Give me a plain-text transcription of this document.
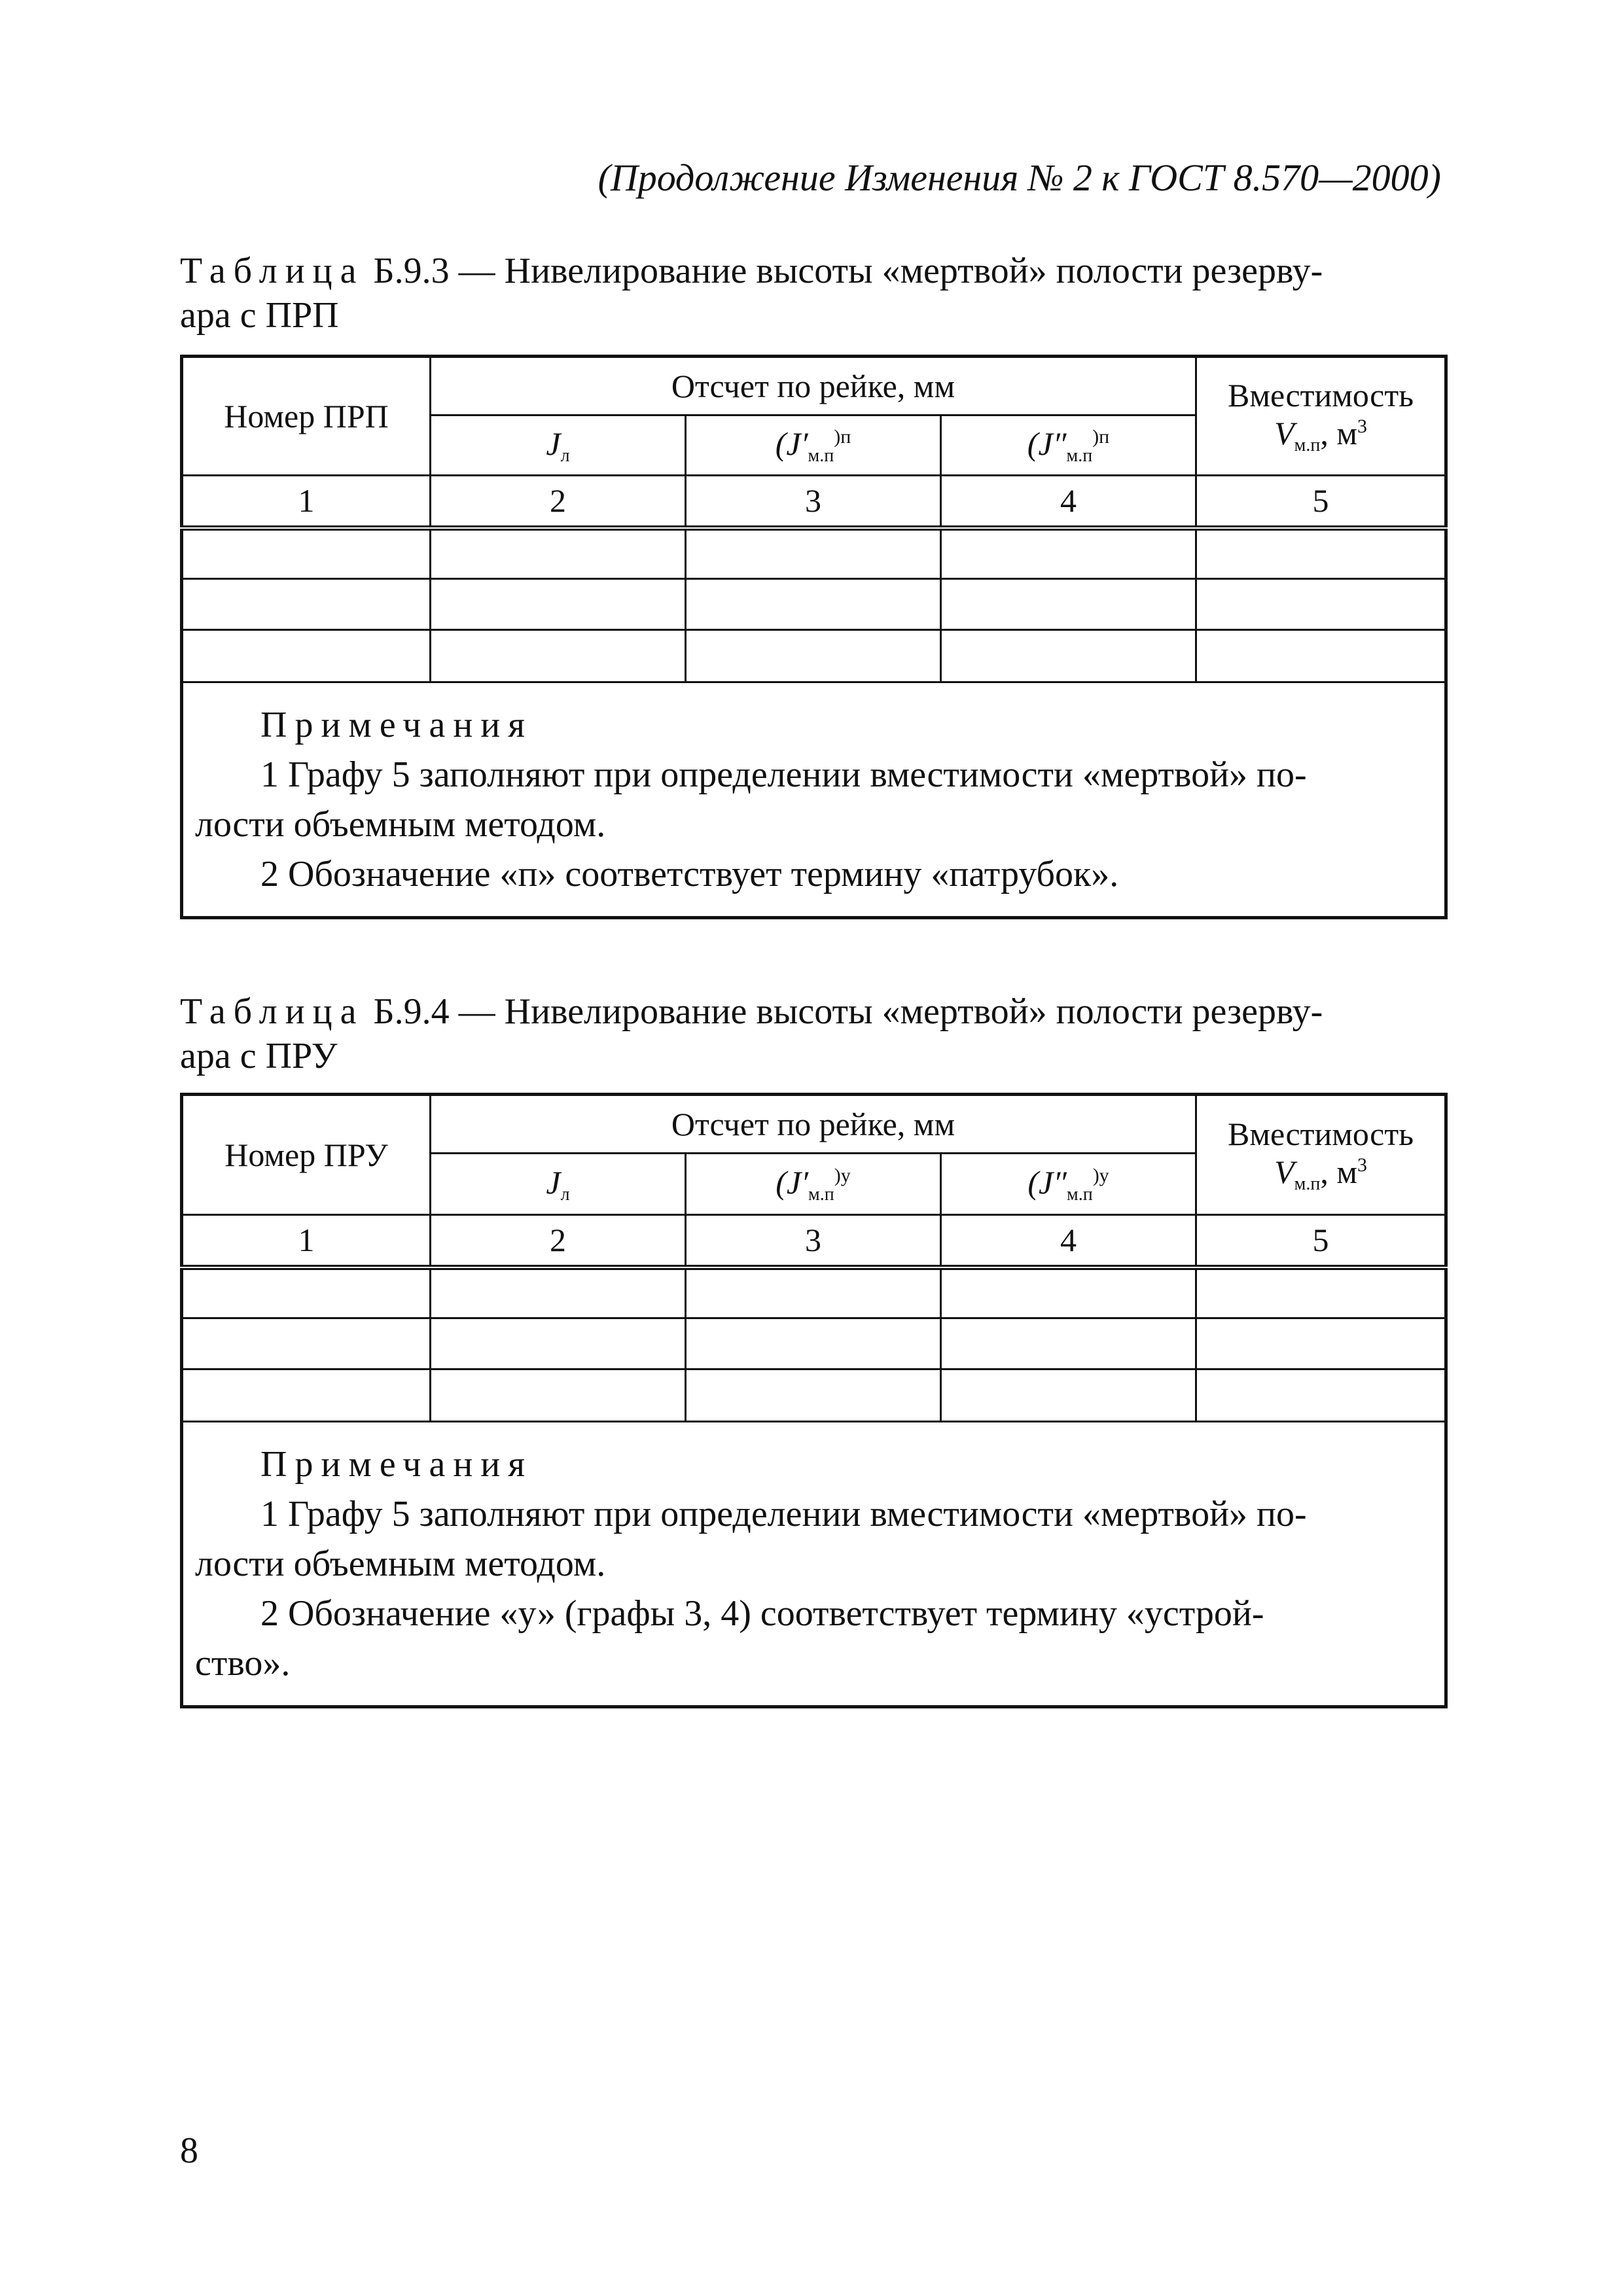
(Продолжение Изменения № 2 к ГОСТ 8.570—2000)
Таблица Б.9.3 — Нивелирование высоты «мертвой» полости резерву-
ара с ПРП
Номер ПРП	Отсчет по рейке, мм			Вместимость
$V_{м.п}$, $м^3$
	$J_л$	($J'_{м.п}^{)п}$	($J''_{м.п}^{)п}$
1	2	3	4	5

Примечания

1 Графу 5 заполняют при определении вместимости «мертвой» по-

лости объемным методом.

2 Обозначение «п» соответствует термину «патрубок».				

Таблица Б.9.4 — Нивелирование высоты «мертвой» полости резерву-
ара с ПРУ
Номер ПРУ	Отсчет по рейке, мм			Вместимость
$V_{м.п}$, $м^3$
	$J_л$	($J'_{м.п}^{)у}$	($J''_{м.п}^{)у}$
1	2	3	4	5

Примечания

1 Графу 5 заполняют при определении вместимости «мертвой» по-

лости объемным методом.

2 Обозначение «у» (графы 3, 4) соответствует термину «устрой-

ство».				

8
